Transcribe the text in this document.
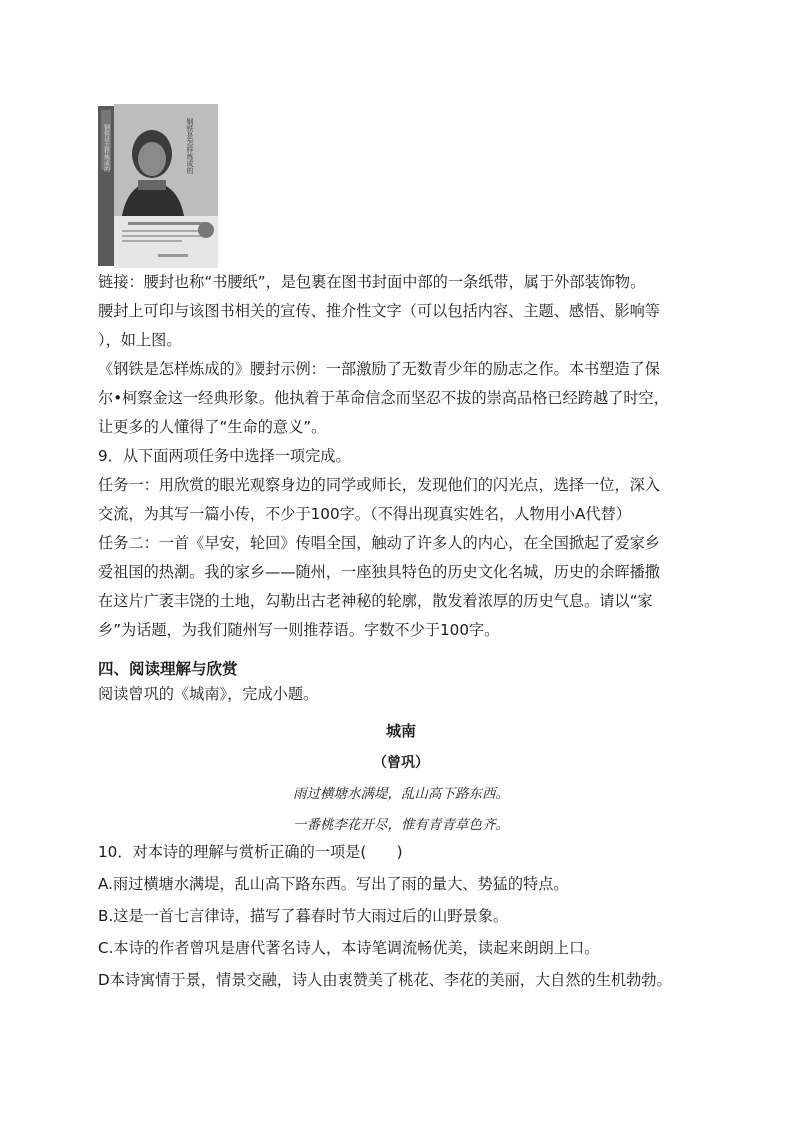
钢铁是怎样炼成的	钢铁是怎样炼成的

链接：腰封也称“书腰纸”，是包裹在图书封面中部的一条纸带，属于外部装饰物。

腰封上可印与该图书相关的宣传、推介性文字（可以包括内容、主题、感悟、影响等

），如上图。

《钢铁是怎样炼成的》腰封示例：一部激励了无数青少年的励志之作。本书塑造了保

尔•柯察金这一经典形象。他执着于革命信念而坚忍不拔的崇高品格已经跨越了时空，

让更多的人懂得了“生命的意义”。

9．从下面两项任务中选择一项完成。

任务一：用欣赏的眼光观察身边的同学或师长，发现他们的闪光点，选择一位，深入

交流，为其写一篇小传，不少于100字。（不得出现真实姓名，人物用小A代替）

任务二：一首《早安，轮回》传唱全国，触动了许多人的内心，在全国掀起了爱家乡

爱祖国的热潮。我的家乡——随州，一座独具特色的历史文化名城，历史的余晖播撒

在这片广袤丰饶的土地，勾勒出古老神秘的轮廓，散发着浓厚的历史气息。请以“家

乡”为话题，为我们随州写一则推荐语。字数不少于100字。

四、阅读理解与欣赏

阅读曾巩的《城南》，完成小题。

城南
（曾巩）
雨过横塘水满堤，乱山高下路东西。
一番桃李花开尽，惟有青青草色齐。

10．对本诗的理解与赏析正确的一项是(　　)

A.雨过横塘水满堤，乱山高下路东西。写出了雨的量大、势猛的特点。

B.这是一首七言律诗，描写了暮春时节大雨过后的山野景象。

C.本诗的作者曾巩是唐代著名诗人，本诗笔调流畅优美，读起来朗朗上口。

D本诗寓情于景，情景交融，诗人由衷赞美了桃花、李花的美丽，大自然的生机勃勃。
